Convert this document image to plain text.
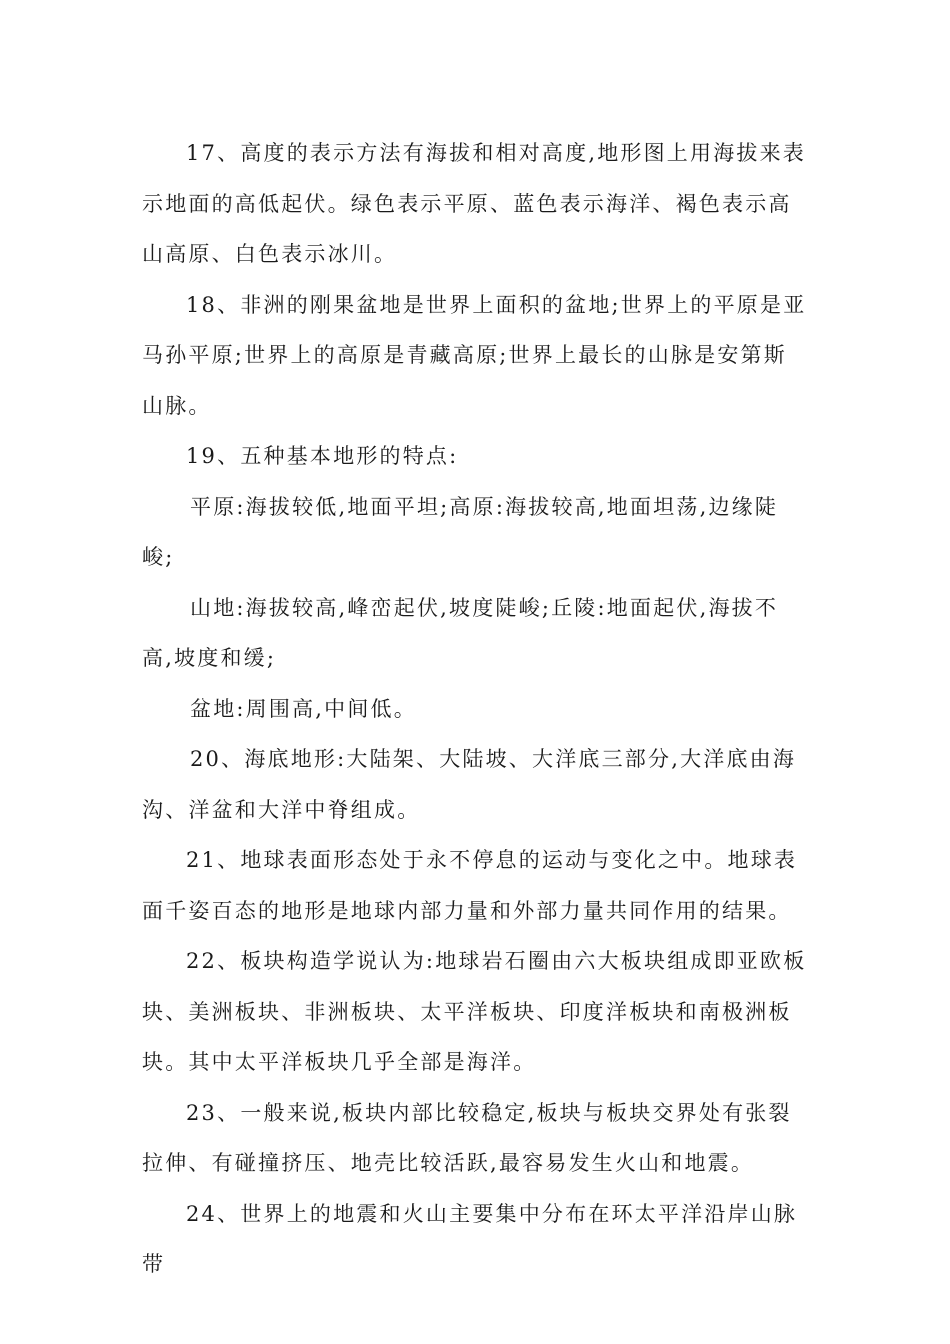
17、高度的表示方法有海拔和相对高度,地形图上用海拔来表示地面的高低起伏。绿色表示平原、蓝色表示海洋、褐色表示高山高原、白色表示冰川。

18、非洲的刚果盆地是世界上面积的盆地;世界上的平原是亚马孙平原;世界上的高原是青藏高原;世界上最长的山脉是安第斯山脉。

19、五种基本地形的特点:

平原:海拔较低,地面平坦;高原:海拔较高,地面坦荡,边缘陡峻;

山地:海拔较高,峰峦起伏,坡度陡峻;丘陵:地面起伏,海拔不高,坡度和缓;

盆地:周围高,中间低。

20、海底地形:大陆架、大陆坡、大洋底三部分,大洋底由海沟、洋盆和大洋中脊组成。

21、地球表面形态处于永不停息的运动与变化之中。地球表面千姿百态的地形是地球内部力量和外部力量共同作用的结果。

22、板块构造学说认为:地球岩石圈由六大板块组成即亚欧板块、美洲板块、非洲板块、太平洋板块、印度洋板块和南极洲板块。其中太平洋板块几乎全部是海洋。

23、一般来说,板块内部比较稳定,板块与板块交界处有张裂拉伸、有碰撞挤压、地壳比较活跃,最容易发生火山和地震。

24、世界上的地震和火山主要集中分布在环太平洋沿岸山脉带
